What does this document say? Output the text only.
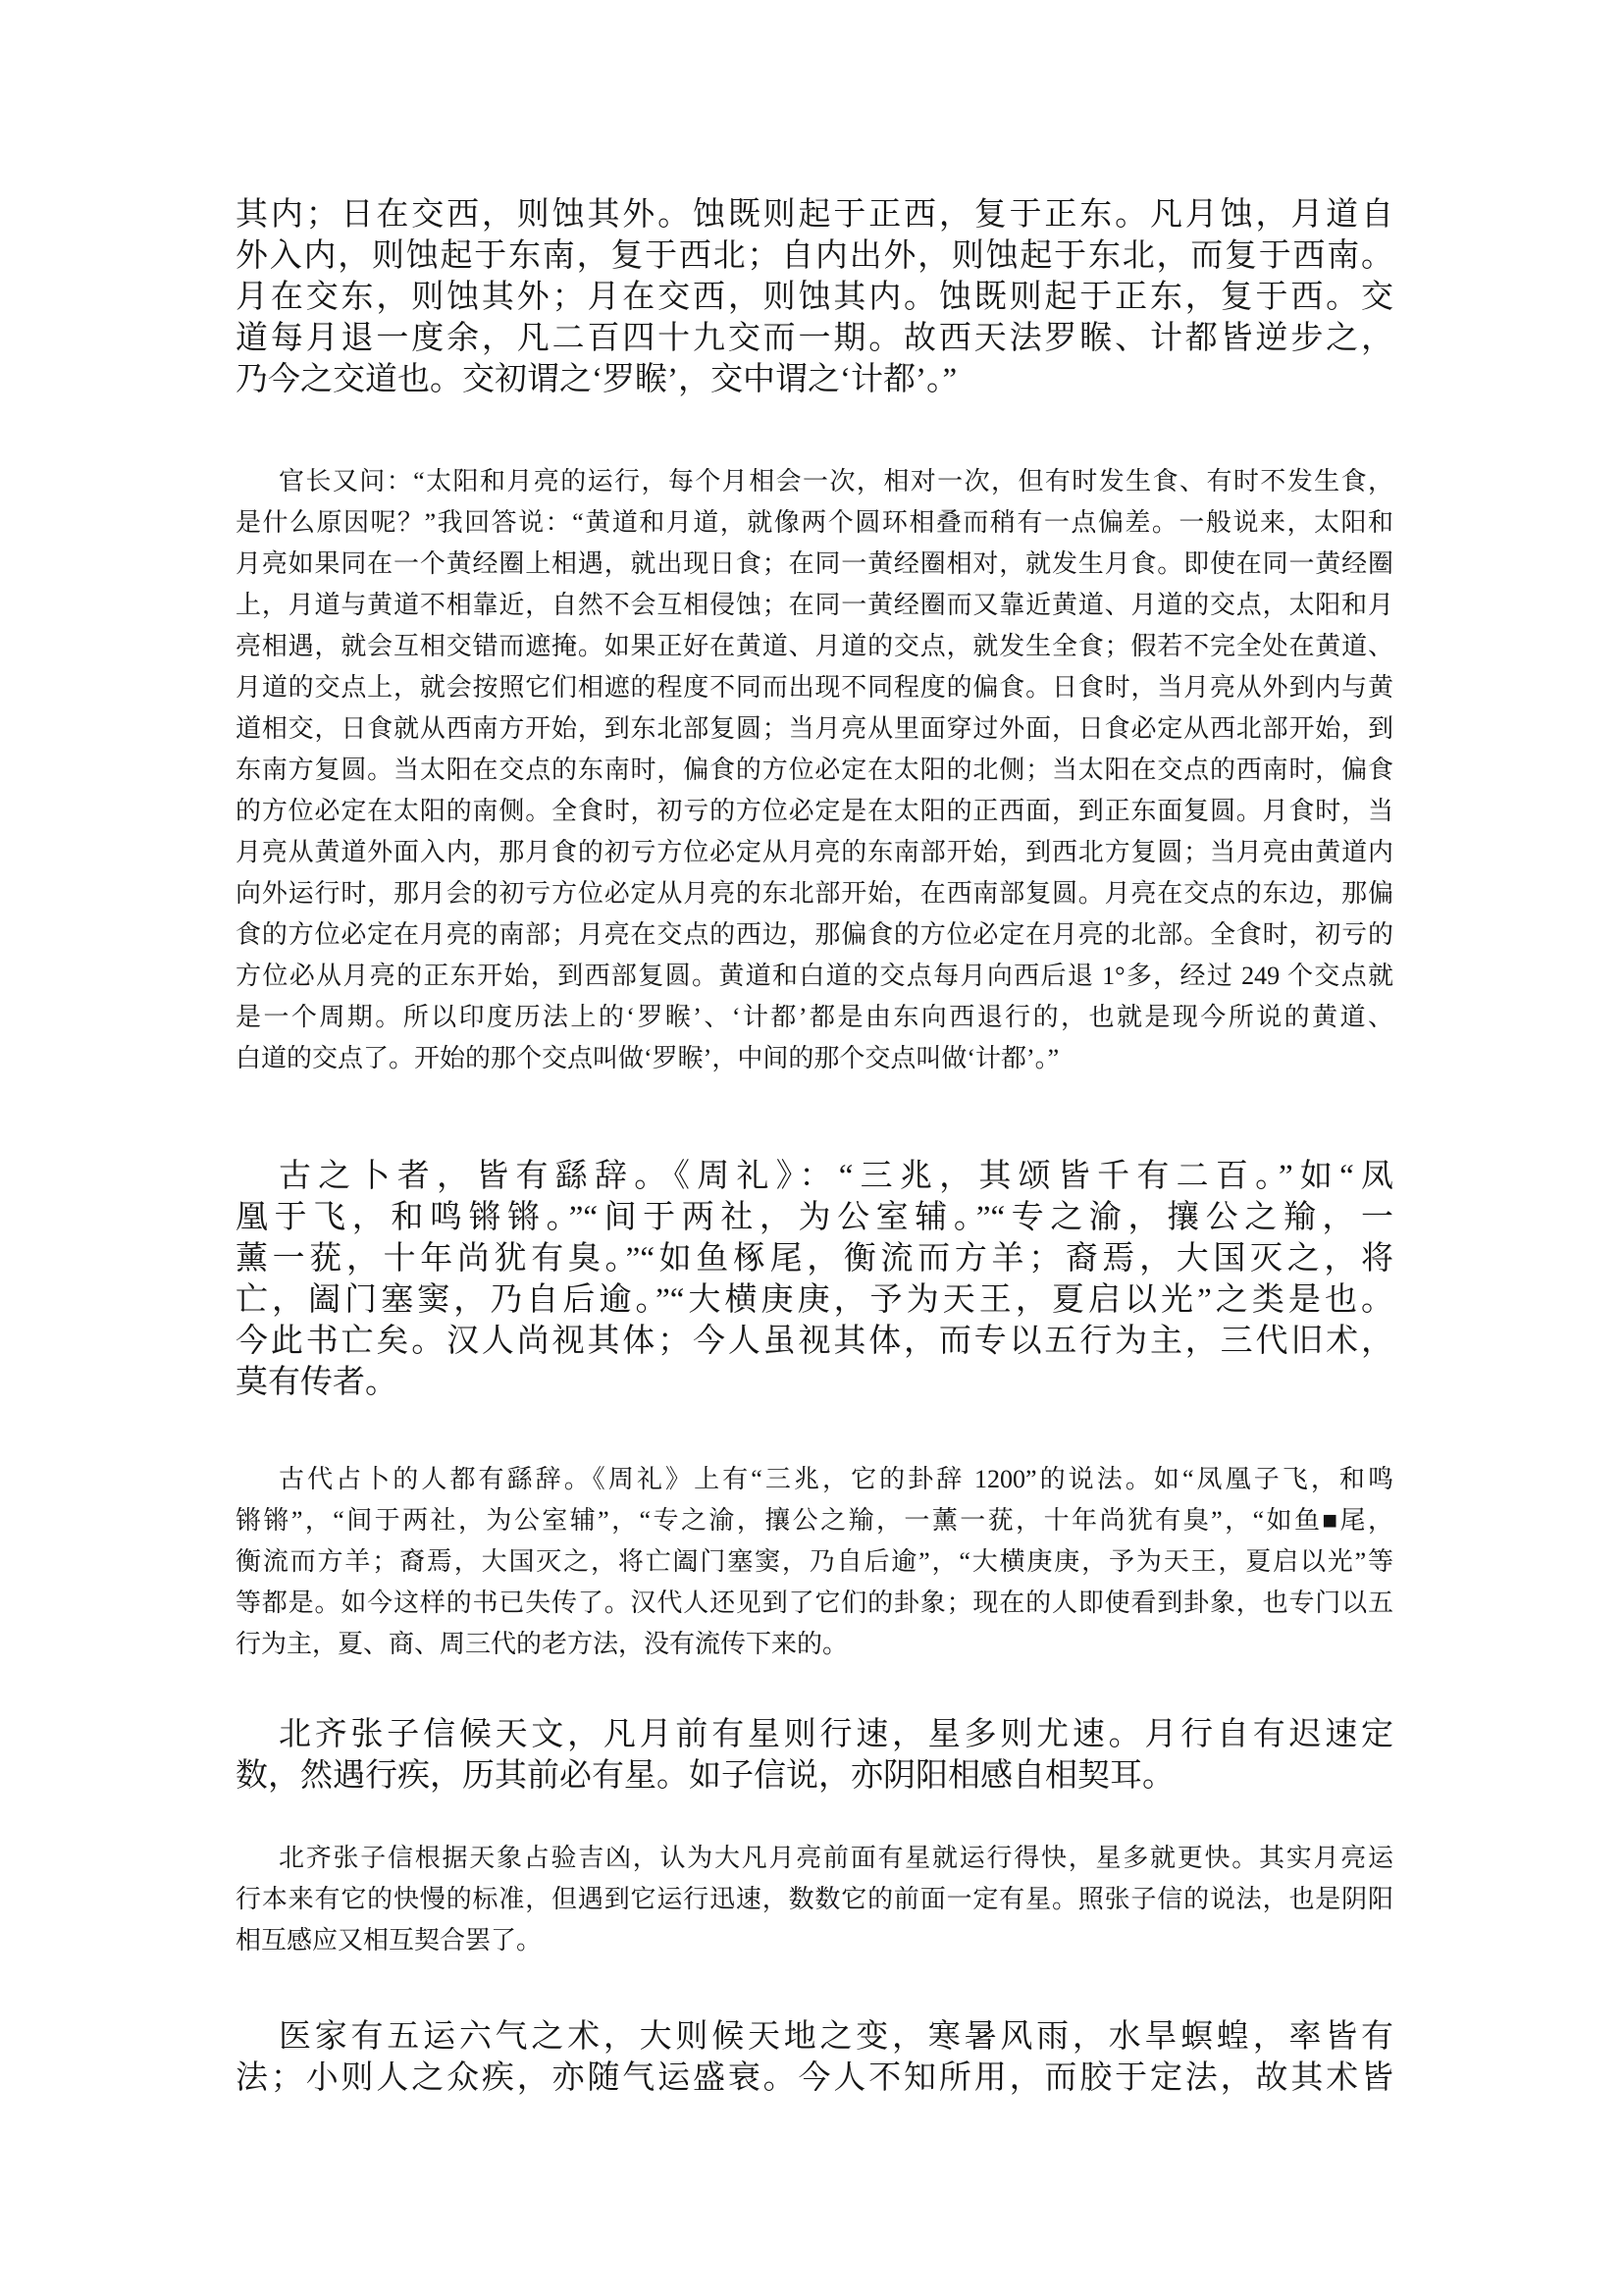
其内；日在交西，则蚀其外。蚀既则起于正西，复于正东。凡月蚀，月道自
外入内，则蚀起于东南，复于西北；自内出外，则蚀起于东北，而复于西南。
月在交东，则蚀其外；月在交西，则蚀其内。蚀既则起于正东，复于西。交
道每月退一度余，凡二百四十九交而一期。故西天法罗睺、计都皆逆步之，
乃今之交道也。交初谓之‘罗睺’，交中谓之‘计都’。”
官长又问：“太阳和月亮的运行，每个月相会一次，相对一次，但有时发生食、有时不发生食，
是什么原因呢？”我回答说：“黄道和月道，就像两个圆环相叠而稍有一点偏差。一般说来，太阳和
月亮如果同在一个黄经圈上相遇，就出现日食；在同一黄经圈相对，就发生月食。即使在同一黄经圈
上，月道与黄道不相靠近，自然不会互相侵蚀；在同一黄经圈而又靠近黄道、月道的交点，太阳和月
亮相遇，就会互相交错而遮掩。如果正好在黄道、月道的交点，就发生全食；假若不完全处在黄道、
月道的交点上，就会按照它们相遮的程度不同而出现不同程度的偏食。日食时，当月亮从外到内与黄
道相交，日食就从西南方开始，到东北部复圆；当月亮从里面穿过外面，日食必定从西北部开始，到
东南方复圆。当太阳在交点的东南时，偏食的方位必定在太阳的北侧；当太阳在交点的西南时，偏食
的方位必定在太阳的南侧。全食时，初亏的方位必定是在太阳的正西面，到正东面复圆。月食时，当
月亮从黄道外面入内，那月食的初亏方位必定从月亮的东南部开始，到西北方复圆；当月亮由黄道内
向外运行时，那月会的初亏方位必定从月亮的东北部开始，在西南部复圆。月亮在交点的东边，那偏
食的方位必定在月亮的南部；月亮在交点的西边，那偏食的方位必定在月亮的北部。全食时，初亏的
方位必从月亮的正东开始，到西部复圆。黄道和白道的交点每月向西后退 1°多，经过 249 个交点就
是一个周期。所以印度历法上的‘罗睺’、‘计都’都是由东向西退行的，也就是现今所说的黄道、
白道的交点了。开始的那个交点叫做‘罗睺’，中间的那个交点叫做‘计都’。”
古之卜者，皆有繇辞。《周礼》：“三兆，其颂皆千有二百。”如“凤
凰于飞，和鸣锵锵。”“间于两社，为公室辅。”“专之渝，攘公之羭，一
薰一莸，十年尚犹有臭。”“如鱼椓尾，衡流而方羊；裔焉，大国灭之，将
亡，阖门塞窦，乃自后逾。”“大横庚庚，予为天王，夏启以光”之类是也。
今此书亡矣。汉人尚视其体；今人虽视其体，而专以五行为主，三代旧术，
莫有传者。
古代占卜的人都有繇辞。《周礼》上有“三兆，它的卦辞 1200”的说法。如“凤凰子飞，和鸣
锵锵”，“间于两社，为公室辅”，“专之渝，攘公之羭，一薰一莸，十年尚犹有臭”，“如鱼■尾，
衡流而方羊；裔焉，大国灭之，将亡阖门塞窦，乃自后逾”，“大横庚庚，予为天王，夏启以光”等
等都是。如今这样的书已失传了。汉代人还见到了它们的卦象；现在的人即使看到卦象，也专门以五
行为主，夏、商、周三代的老方法，没有流传下来的。
北齐张子信候天文，凡月前有星则行速，星多则尤速。月行自有迟速定
数，然遇行疾，历其前必有星。如子信说，亦阴阳相感自相契耳。
北齐张子信根据天象占验吉凶，认为大凡月亮前面有星就运行得快，星多就更快。其实月亮运
行本来有它的快慢的标准，但遇到它运行迅速，数数它的前面一定有星。照张子信的说法，也是阴阳
相互感应又相互契合罢了。
医家有五运六气之术，大则候天地之变，寒暑风雨，水旱螟蝗，率皆有
法；小则人之众疾，亦随气运盛衰。今人不知所用，而胶于定法，故其术皆
